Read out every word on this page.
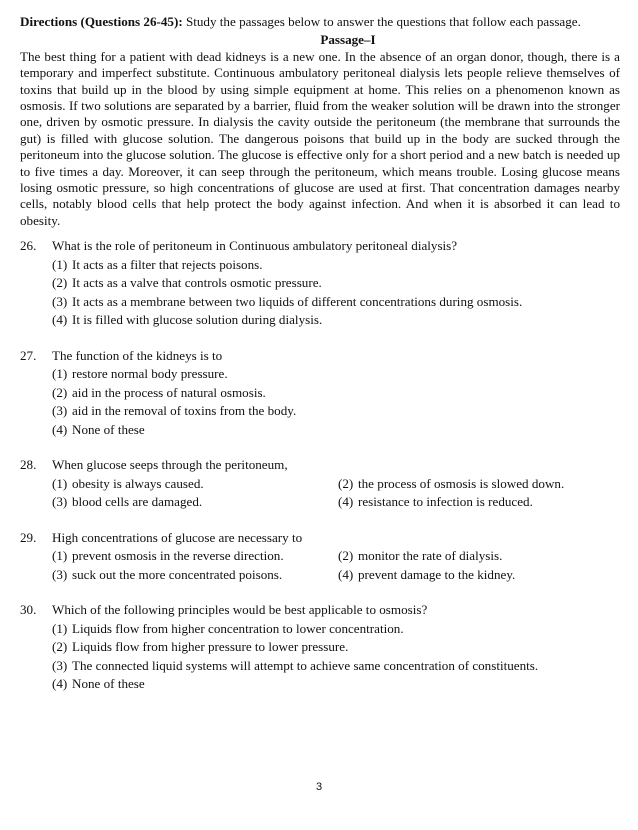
Directions (Questions 26-45): Study the passages below to answer the questions that follow each passage.

Passage–I

The best thing for a patient with dead kidneys is a new one. In the absence of an organ donor, though, there is a temporary and imperfect substitute. Continuous ambulatory peritoneal dialysis lets people relieve themselves of toxins that build up in the blood by using simple equipment at home. This relies on a phenomenon known as osmosis. If two solutions are separated by a barrier, fluid from the weaker solution will be drawn into the stronger one, driven by osmotic pressure. In dialysis the cavity outside the peritoneum (the membrane that surrounds the gut) is filled with glucose solution. The dangerous poisons that build up in the body are sucked through the peritoneum into the glucose solution. The glucose is effective only for a short period and a new batch is needed up to five times a day. Moreover, it can seep through the peritoneum, which means trouble. Losing glucose means losing osmotic pressure, so high concentrations of glucose are used at first. That concentration damages nearby cells, notably blood cells that help protect the body against infection. And when it is absorbed it can lead to obesity.

26.	What is the role of peritoneum in Continuous ambulatory peritoneal dialysis?
(1) It acts as a filter that rejects poisons.
(2) It acts as a valve that controls osmotic pressure.
(3) It acts as a membrane between two liquids of different concentrations during osmosis.
(4) It is filled with glucose solution during dialysis.
27.	The function of the kidneys is to
(1) restore normal body pressure.
(2) aid in the process of natural osmosis.
(3) aid in the removal of toxins from the body.
(4) None of these
28.	When glucose seeps through the peritoneum,
(1) obesity is always caused.	(2) the process of osmosis is slowed down.
(3) blood cells are damaged.	(4) resistance to infection is reduced.
29.	High concentrations of glucose are necessary to
(1) prevent osmosis in the reverse direction.	(2) monitor the rate of dialysis.
(3) suck out the more concentrated poisons.	(4) prevent damage to the kidney.
30.	Which of the following principles would be best applicable to osmosis?
(1) Liquids flow from higher concentration to lower concentration.
(2) Liquids flow from higher pressure to lower pressure.
(3) The connected liquid systems will attempt to achieve same concentration of constituents.
(4) None of these
3
